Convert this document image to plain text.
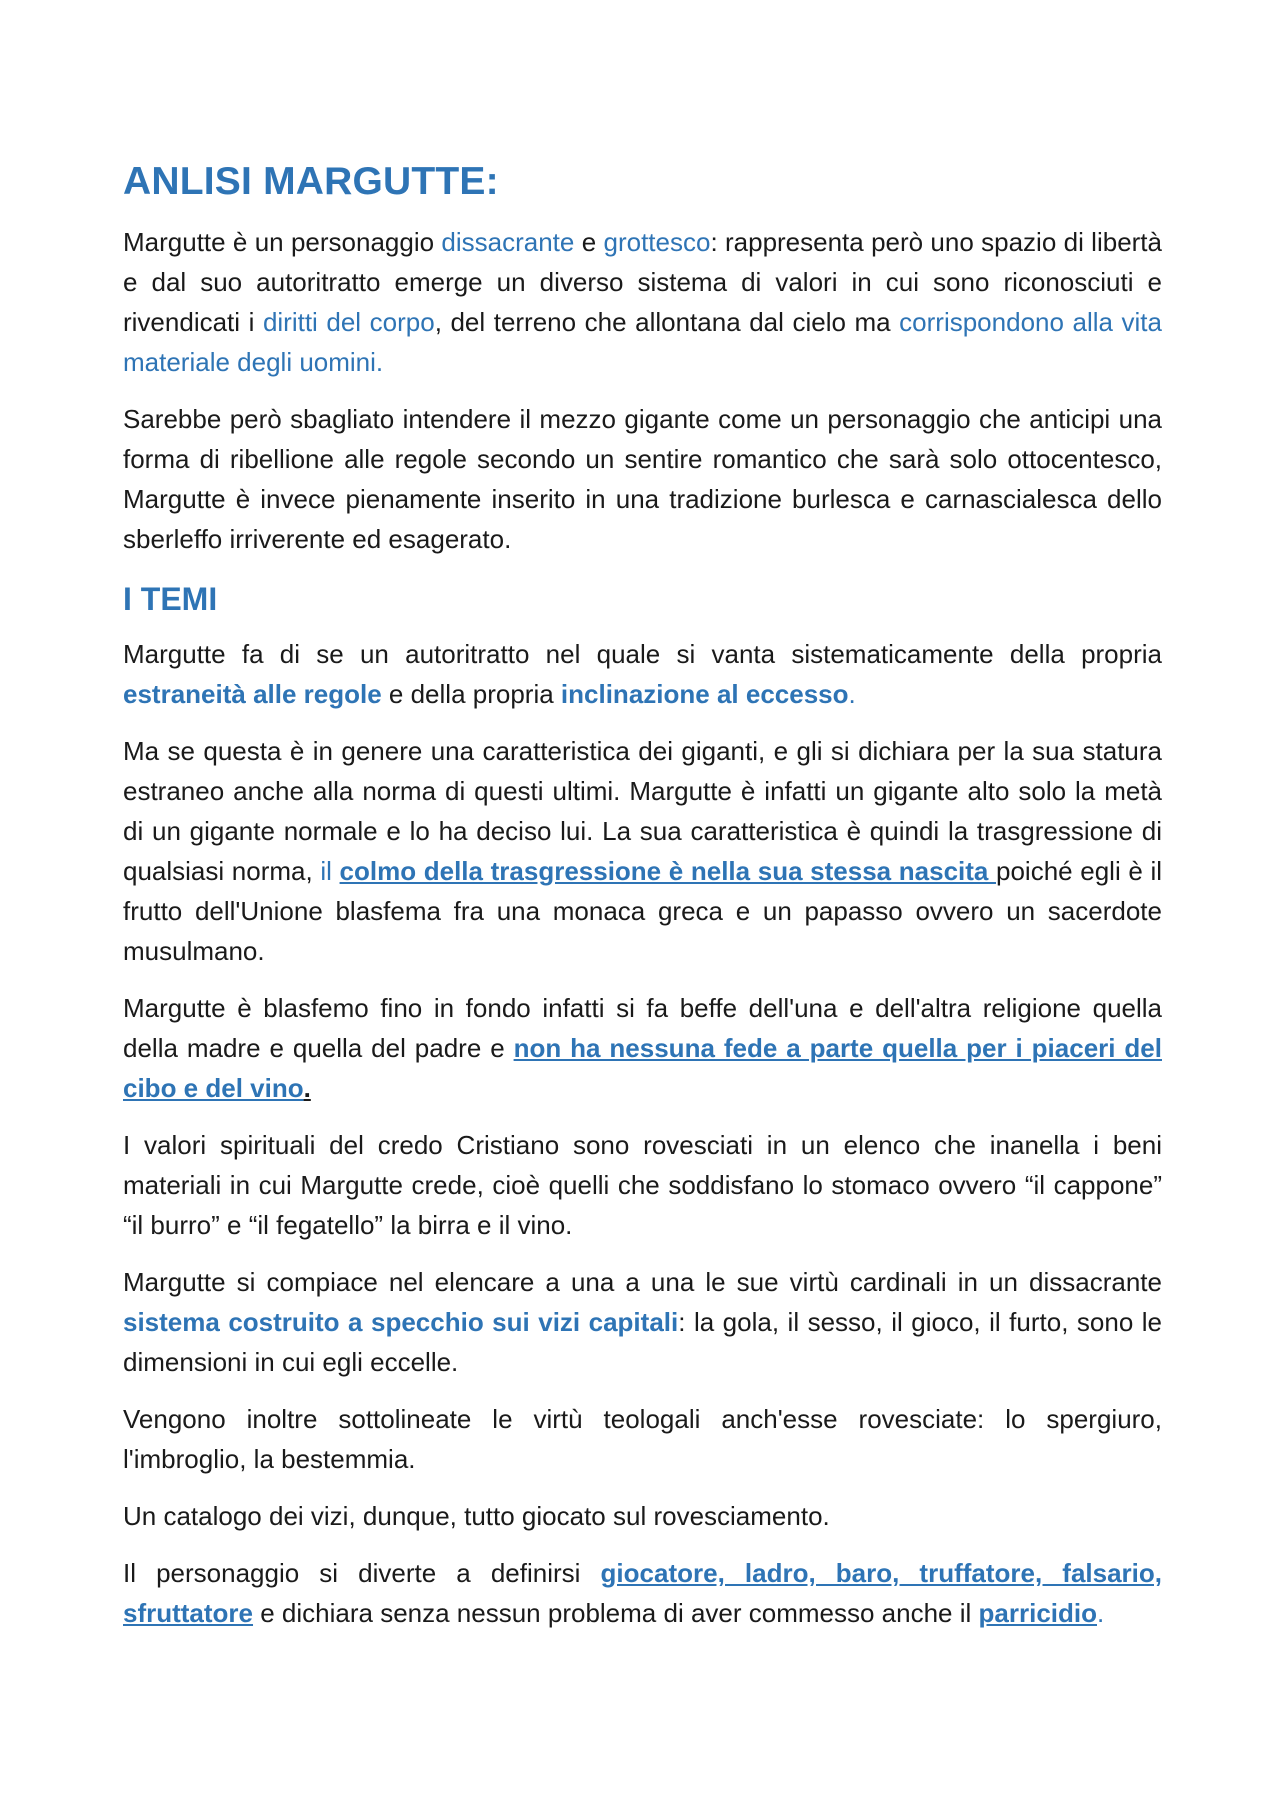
ANLISI MARGUTTE:

Margutte è un personaggio dissacrante e grottesco: rappresenta però uno spazio di libertà e dal suo autoritratto emerge un diverso sistema di valori in cui sono riconosciuti e rivendicati i diritti del corpo, del terreno che allontana dal cielo ma corrispondono alla vita materiale degli uomini.

Sarebbe però sbagliato intendere il mezzo gigante come un personaggio che anticipi una forma di ribellione alle regole secondo un sentire romantico che sarà solo ottocentesco, Margutte è invece pienamente inserito in una tradizione burlesca e carnascialesca dello sberleffo irriverente ed esagerato.

I TEMI

Margutte fa di se un autoritratto nel quale si vanta sistematicamente della propria estraneità alle regole e della propria inclinazione al eccesso.

Ma se questa è in genere una caratteristica dei giganti, e gli si dichiara per la sua statura estraneo anche alla norma di questi ultimi. Margutte è infatti un gigante alto solo la metà di un gigante normale e lo ha deciso lui. La sua caratteristica è quindi la trasgressione di qualsiasi norma, il colmo della trasgressione è nella sua stessa nascita poiché egli è il frutto dell'Unione blasfema fra una monaca greca e un papasso ovvero un sacerdote musulmano.

Margutte è blasfemo fino in fondo infatti si fa beffe dell'una e dell'altra religione quella della madre e quella del padre e non ha nessuna fede a parte quella per i piaceri del cibo e del vino.

I valori spirituali del credo Cristiano sono rovesciati in un elenco che inanella i beni materiali in cui Margutte crede, cioè quelli che soddisfano lo stomaco ovvero “il cappone” “il burro” e “il fegatello” la birra e il vino.

Margutte si compiace nel elencare a una a una le sue virtù cardinali in un dissacrante sistema costruito a specchio sui vizi capitali: la gola, il sesso, il gioco, il furto, sono le dimensioni in cui egli eccelle.

Vengono inoltre sottolineate le virtù teologali anch'esse rovesciate: lo spergiuro, l'imbroglio, la bestemmia.

Un catalogo dei vizi, dunque, tutto giocato sul rovesciamento.

Il personaggio si diverte a definirsi giocatore, ladro, baro, truffatore, falsario, sfruttatore e dichiara senza nessun problema di aver commesso anche il parricidio.
